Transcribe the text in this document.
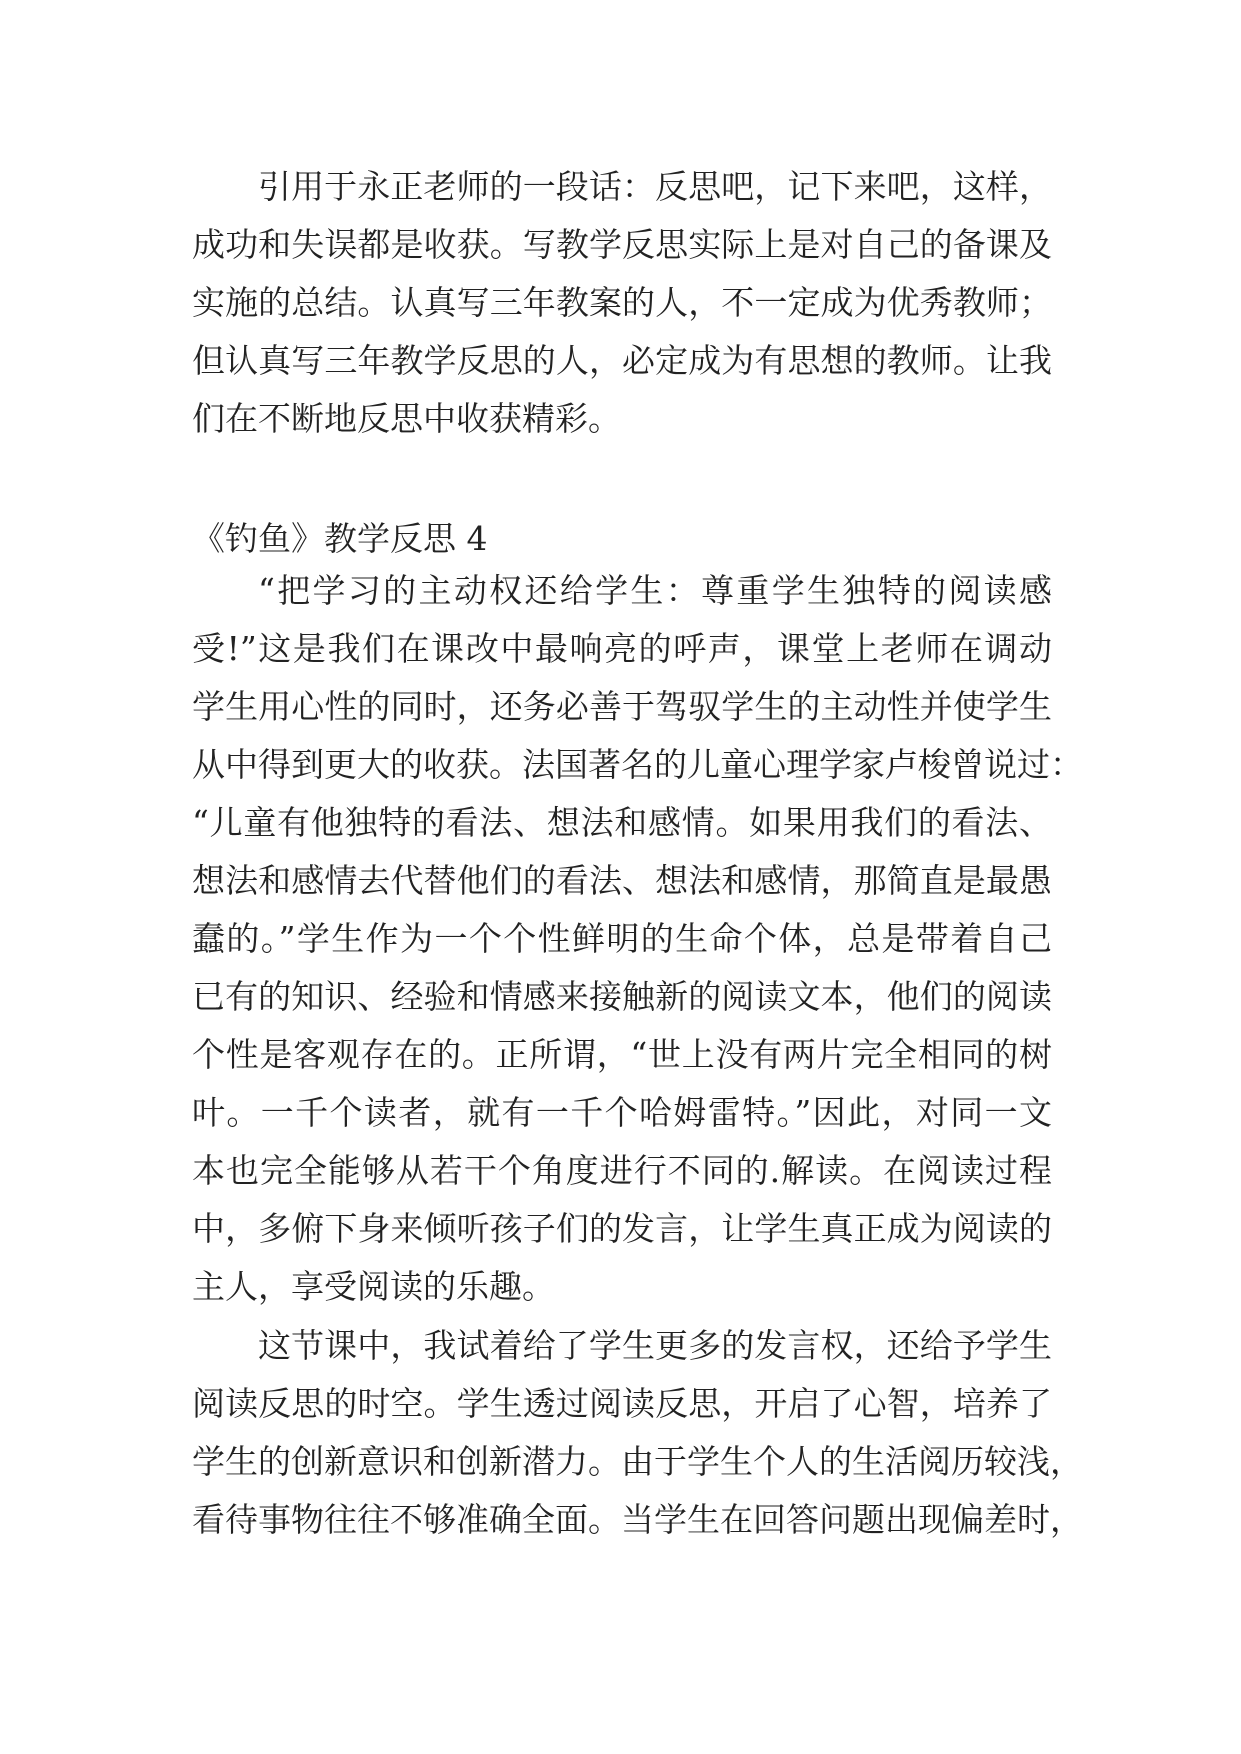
引用于永正老师的一段话：反思吧，记下来吧，这样，
成功和失误都是收获。写教学反思实际上是对自己的备课及
实施的总结。认真写三年教案的人，不一定成为优秀教师；
但认真写三年教学反思的人，必定成为有思想的教师。让我
们在不断地反思中收获精彩。
《钓鱼》教学反思 4
“把学习的主动权还给学生：尊重学生独特的阅读感
受!”这是我们在课改中最响亮的呼声，课堂上老师在调动
学生用心性的同时，还务必善于驾驭学生的主动性并使学生
从中得到更大的收获。法国著名的儿童心理学家卢梭曾说过：
“儿童有他独特的看法、想法和感情。如果用我们的看法、
想法和感情去代替他们的看法、想法和感情，那简直是最愚
蠢的。”学生作为一个个性鲜明的生命个体，总是带着自己
已有的知识、经验和情感来接触新的阅读文本，他们的阅读
个性是客观存在的。正所谓，“世上没有两片完全相同的树
叶。一千个读者，就有一千个哈姆雷特。”因此，对同一文
本也完全能够从若干个角度进行不同的.解读。在阅读过程
中，多俯下身来倾听孩子们的发言，让学生真正成为阅读的
主人，享受阅读的乐趣。
这节课中，我试着给了学生更多的发言权，还给予学生
阅读反思的时空。学生透过阅读反思，开启了心智，培养了
学生的创新意识和创新潜力。由于学生个人的生活阅历较浅，
看待事物往往不够准确全面。当学生在回答问题出现偏差时，
